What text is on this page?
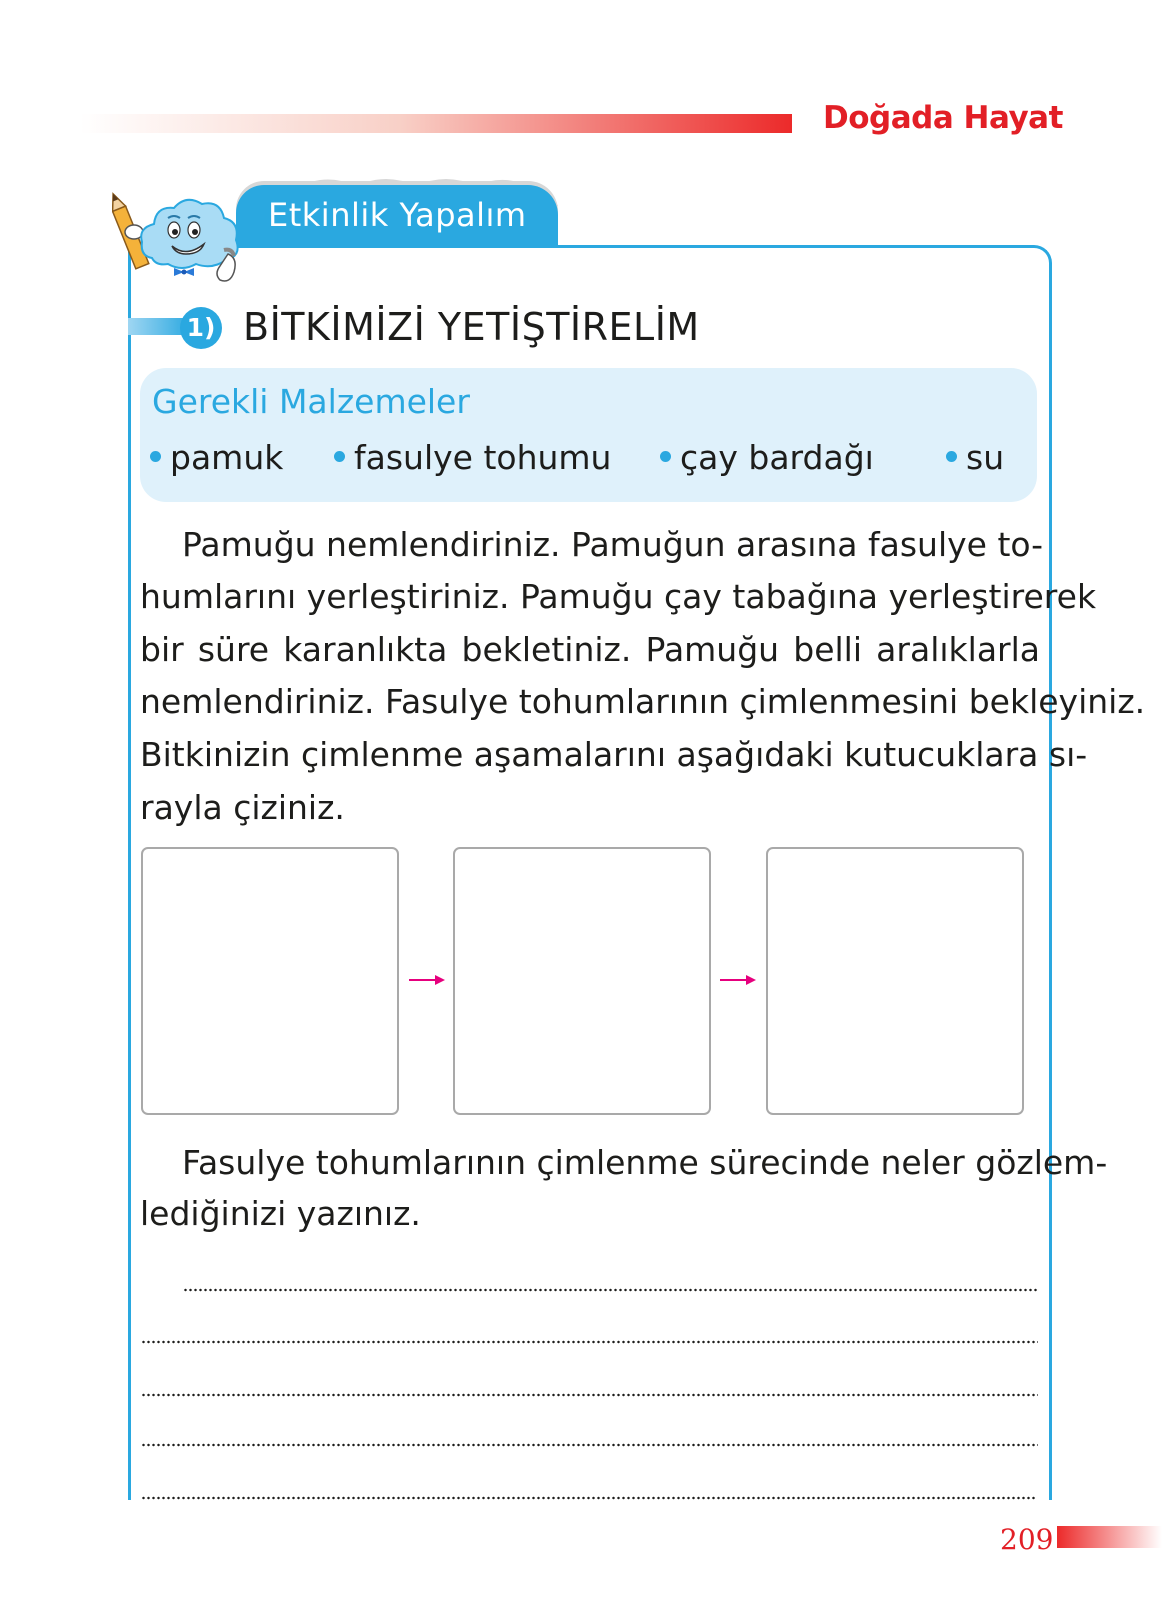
Doğada Hayat
Etkinlik Yapalım
1) BİTKİMİZİ YETİŞTİRELİM
Gerekli Malzemeler
pamuk	fasulye tohumu	çay bardağı	su
Pamuğu nemlendiriniz. Pamuğun arasına fasulye to-
humlarını yerleştiriniz. Pamuğu çay tabağına yerleştirerek
bir süre karanlıkta bekletiniz. Pamuğu belli aralıklarla
nemlendiriniz. Fasulye tohumlarının çimlenmesini bekleyiniz.
Bitkinizin çimlenme aşamalarını aşağıdaki kutucuklara sı-
rayla çiziniz.
Fasulye tohumlarının çimlenme sürecinde neler gözlem-
lediğinizi yazınız.
209
